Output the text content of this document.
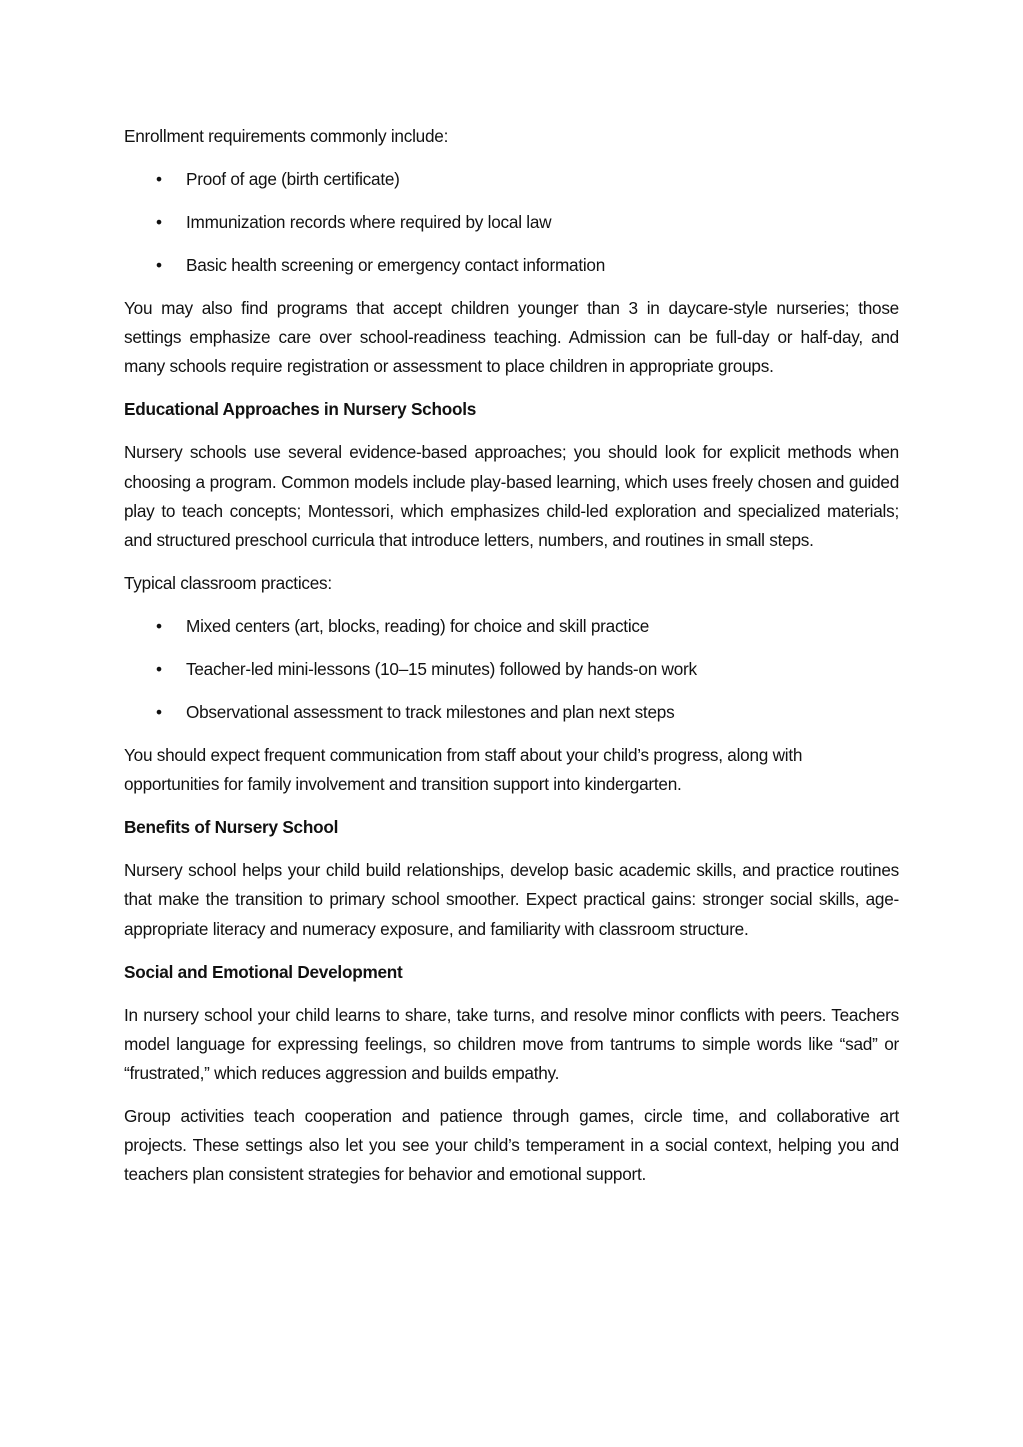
Enrollment requirements commonly include:

• Proof of age (birth certificate)
• Immunization records where required by local law
• Basic health screening or emergency contact information

You may also find programs that accept children younger than 3 in daycare-style nurseries; those settings emphasize care over school-readiness teaching. Admission can be full-day or half-day, and many schools require registration or assessment to place children in appropriate groups.

Educational Approaches in Nursery Schools

Nursery schools use several evidence-based approaches; you should look for explicit methods when choosing a program. Common models include play-based learning, which uses freely chosen and guided play to teach concepts; Montessori, which emphasizes child-led exploration and specialized materials; and structured preschool curricula that introduce letters, numbers, and routines in small steps.

Typical classroom practices:

• Mixed centers (art, blocks, reading) for choice and skill practice
• Teacher-led mini-lessons (10–15 minutes) followed by hands-on work
• Observational assessment to track milestones and plan next steps

You should expect frequent communication from staff about your child’s progress, along with opportunities for family involvement and transition support into kindergarten.

Benefits of Nursery School

Nursery school helps your child build relationships, develop basic academic skills, and practice routines that make the transition to primary school smoother. Expect practical gains: stronger social skills, age-appropriate literacy and numeracy exposure, and familiarity with classroom structure.

Social and Emotional Development

In nursery school your child learns to share, take turns, and resolve minor conflicts with peers. Teachers model language for expressing feelings, so children move from tantrums to simple words like “sad” or “frustrated,” which reduces aggression and builds empathy.

Group activities teach cooperation and patience through games, circle time, and collaborative art projects. These settings also let you see your child’s temperament in a social context, helping you and teachers plan consistent strategies for behavior and emotional support.
